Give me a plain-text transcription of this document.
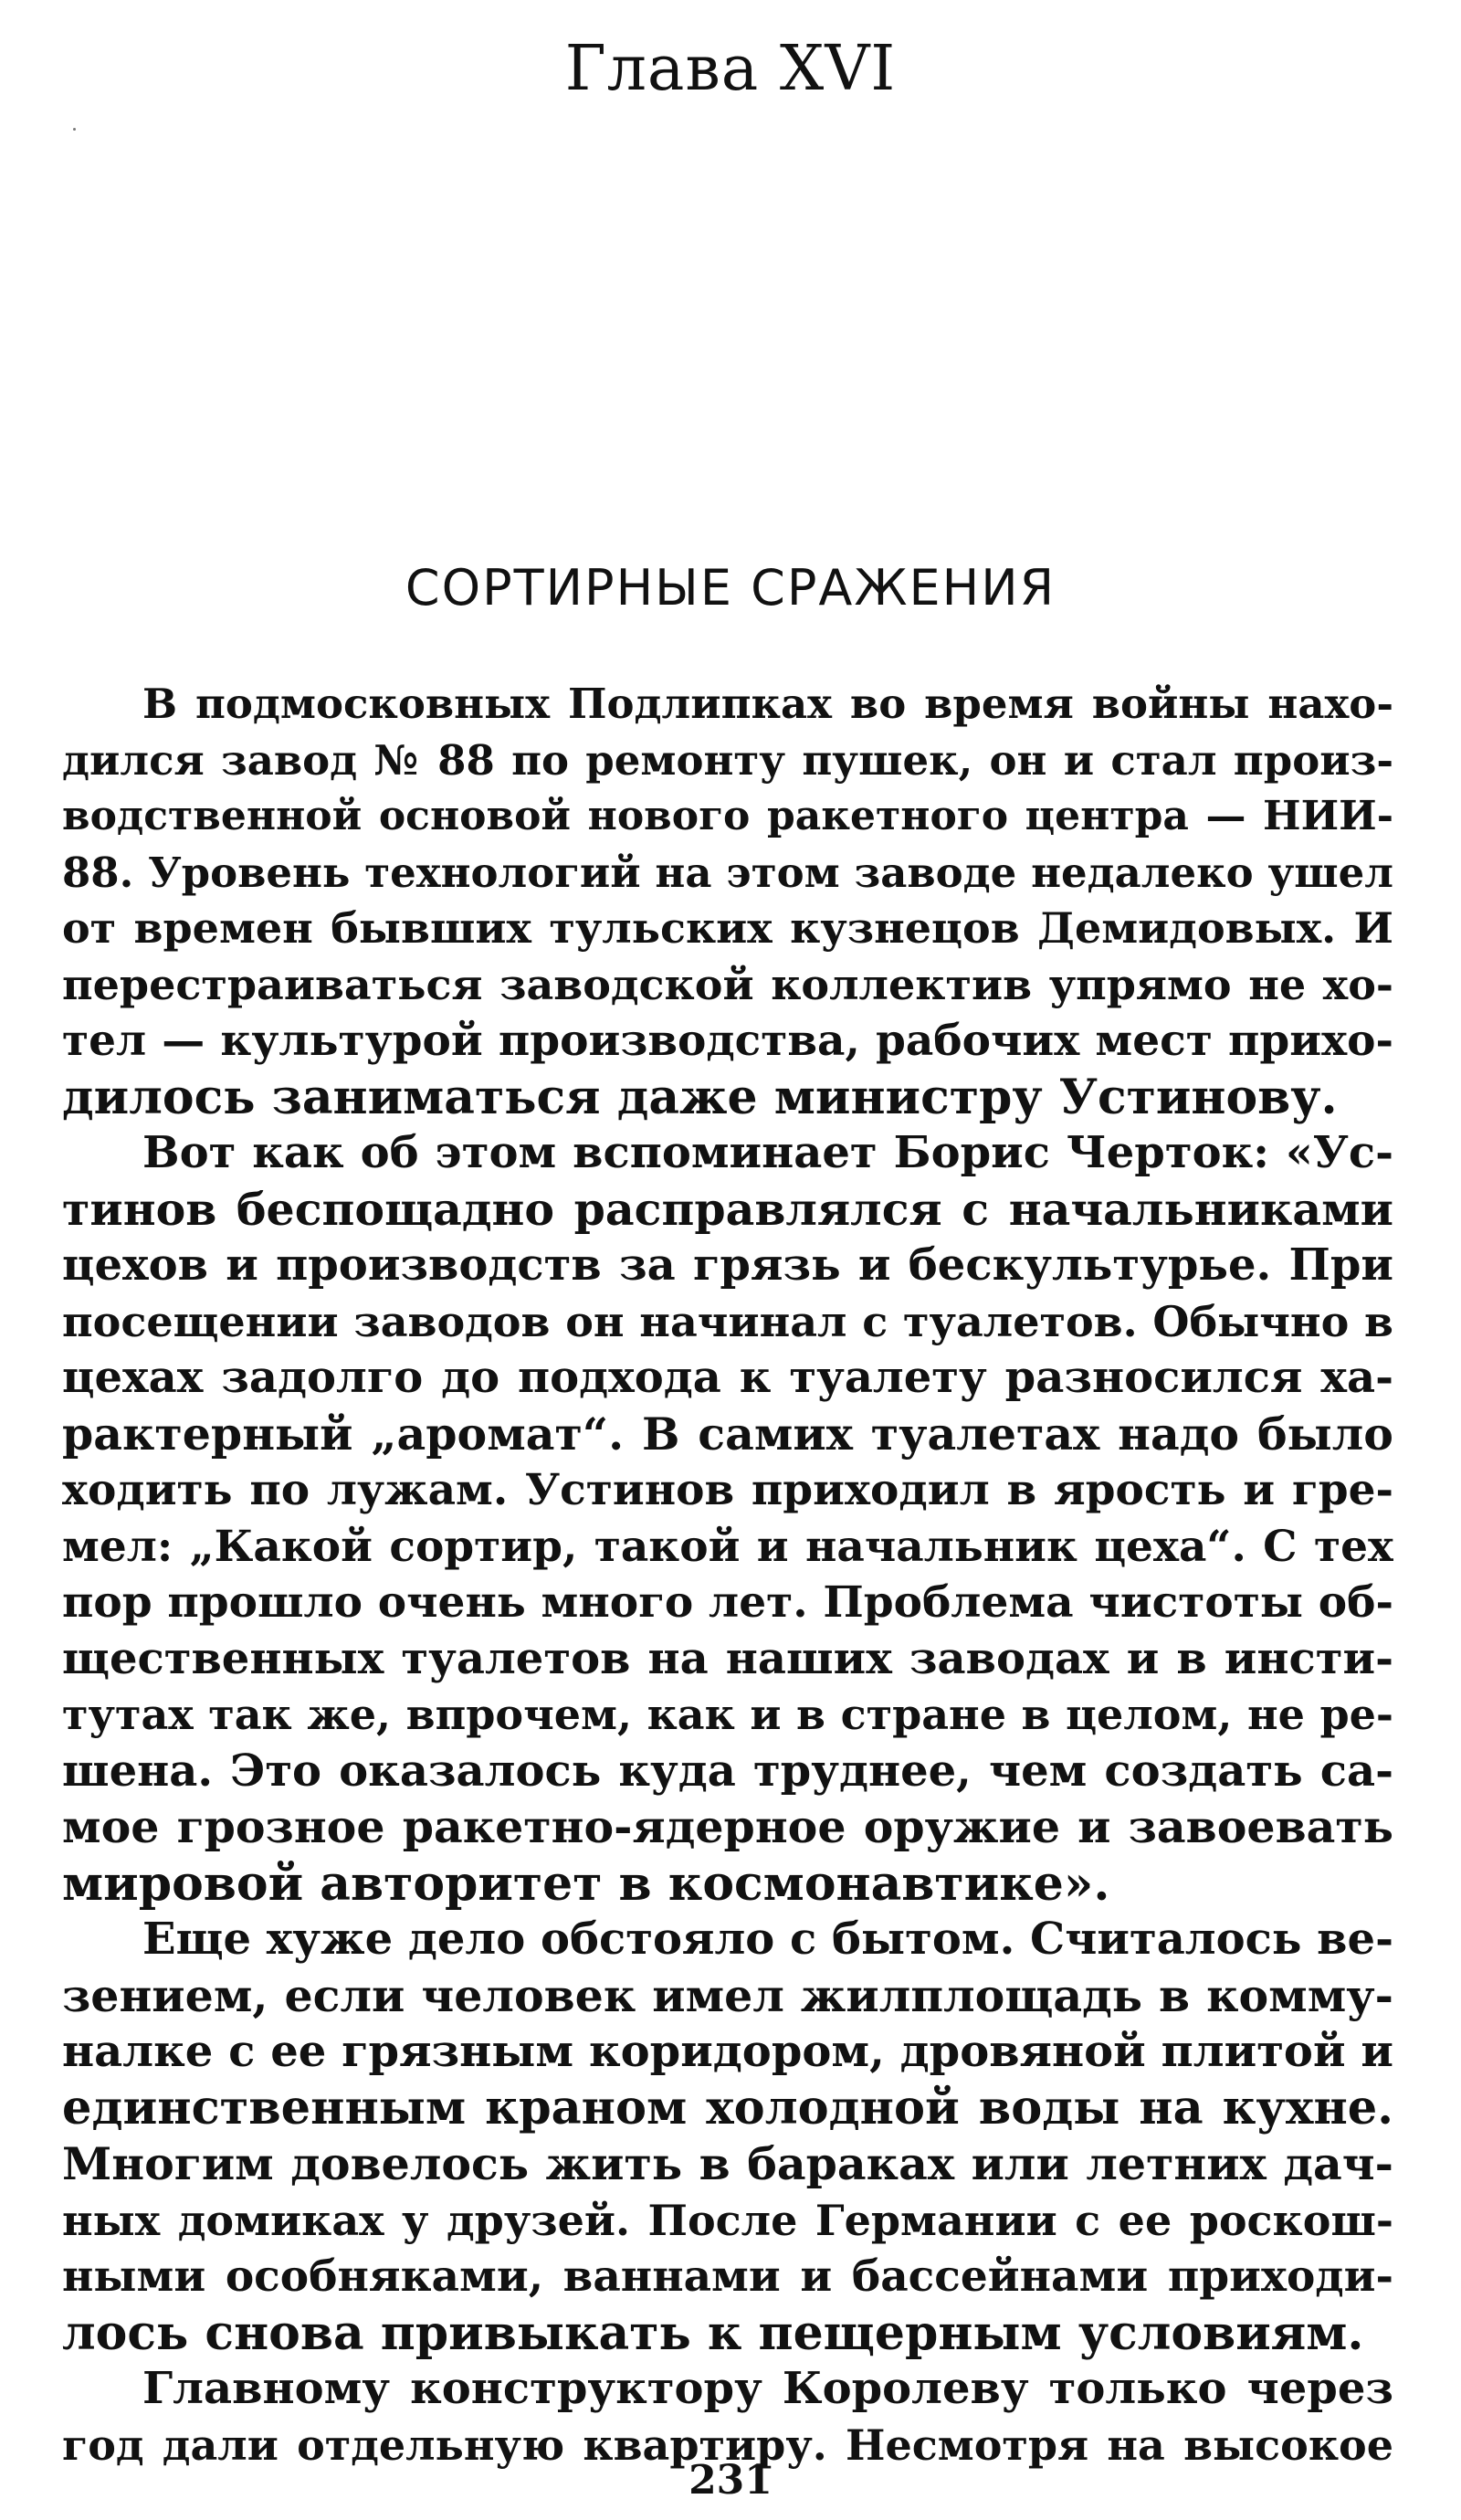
Глава XVI
СОРТИРНЫЕ СРАЖЕНИЯ
В подмосковных Подлипках во время войны нахо-
дился завод № 88 по ремонту пушек, он и стал произ-
водственной основой нового ракетного центра — НИИ-
88. Уровень технологий на этом заводе недалеко ушел
от времен бывших тульских кузнецов Демидовых. И
перестраиваться заводской коллектив упрямо не хо-
тел — культурой производства, рабочих мест прихо-
дилось заниматься даже министру Устинову.
Вот как об этом вспоминает Борис Черток: «Ус-
тинов беспощадно расправлялся с начальниками
цехов и производств за грязь и бескультурье. При
посещении заводов он начинал с туалетов. Обычно в
цехах задолго до подхода к туалету разносился ха-
рактерный „аромат“. В самих туалетах надо было
ходить по лужам. Устинов приходил в ярость и гре-
мел: „Какой сортир, такой и начальник цеха“. С тех
пор прошло очень много лет. Проблема чистоты об-
щественных туалетов на наших заводах и в инсти-
тутах так же, впрочем, как и в стране в целом, не ре-
шена. Это оказалось куда труднее, чем создать са-
мое грозное ракетно-ядерное оружие и завоевать
мировой авторитет в космонавтике».
Еще хуже дело обстояло с бытом. Считалось ве-
зением, если человек имел жилплощадь в комму-
налке с ее грязным коридором, дровяной плитой и
единственным краном холодной воды на кухне.
Многим довелось жить в бараках или летних дач-
ных домиках у друзей. После Германии с ее роскош-
ными особняками, ваннами и бассейнами приходи-
лось снова привыкать к пещерным условиям.
Главному конструктору Королеву только через
год дали отдельную квартиру. Несмотря на высокое
231
